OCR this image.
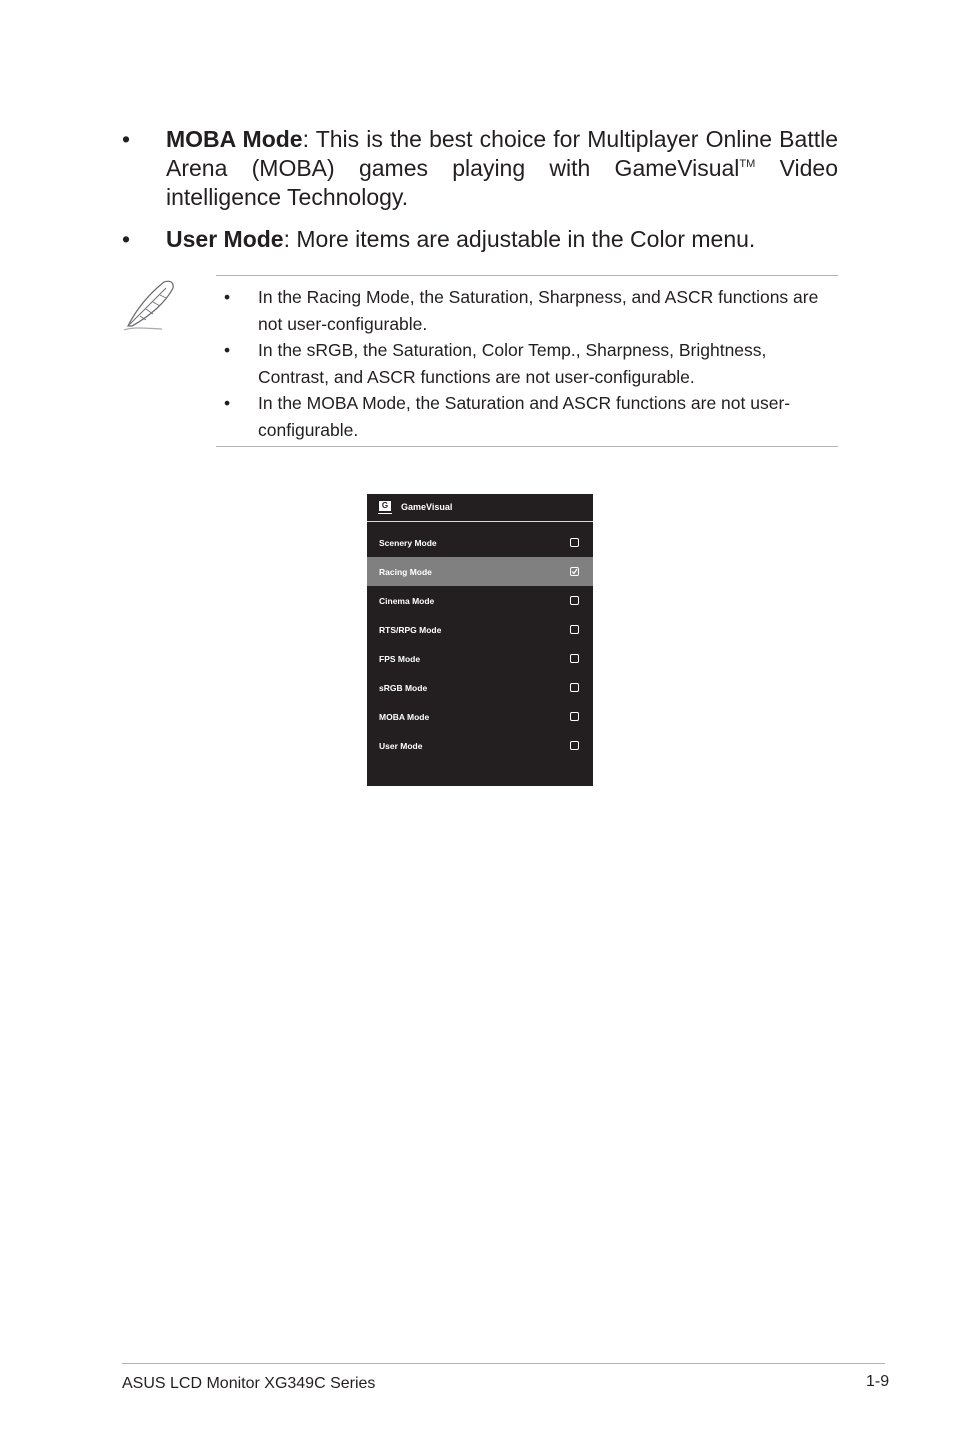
• MOBA Mode: This is the best choice for Multiplayer Online Battle Arena (MOBA) games playing with GameVisual™ Video intelligence Technology.
• User Mode: More items are adjustable in the Color menu.
• In the Racing Mode, the Saturation, Sharpness, and ASCR functions are not user-configurable.
• In the sRGB, the Saturation, Color Temp., Sharpness, Brightness, Contrast, and ASCR functions are not user-configurable.
• In the MOBA Mode, the Saturation and ASCR functions are not user-configurable.
G	GameVisual
Scenery Mode
Racing Mode
Cinema Mode
RTS/RPG Mode
FPS Mode
sRGB Mode
MOBA Mode
User Mode
ASUS LCD Monitor XG349C Series	1-9
